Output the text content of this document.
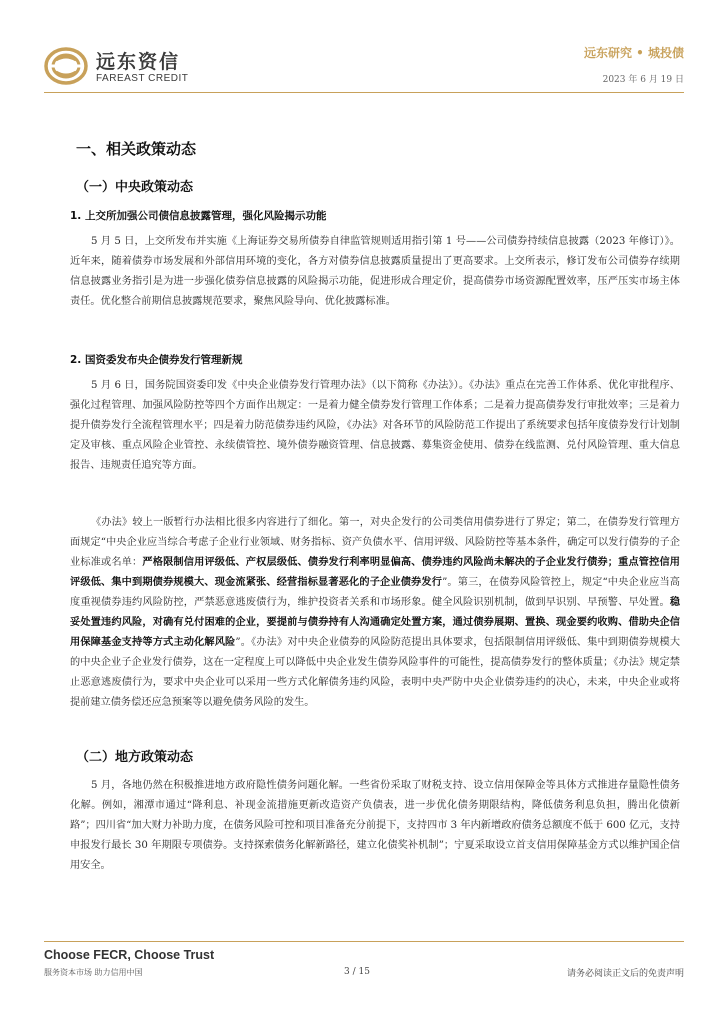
远东资信
FAREAST CREDIT
远东研究 • 城投债
2023 年 6 月 19 日
一、相关政策动态
（一）中央政策动态
1. 上交所加强公司债信息披露管理，强化风险揭示功能
5 月 5 日，上交所发布并实施《上海证券交易所债券自律监管规则适用指引第 1 号——公司债券持续信息披露（2023 年修订）》。近年来，随着债券市场发展和外部信用环境的变化，各方对债券信息披露质量提出了更高要求。上交所表示，修订发布公司债券存续期信息披露业务指引是为进一步强化债券信息披露的风险揭示功能，促进形成合理定价，提高债券市场资源配置效率，压严压实市场主体责任。优化整合前期信息披露规范要求，聚焦风险导向、优化披露标准。
2. 国资委发布央企债券发行管理新规
5 月 6 日，国务院国资委印发《中央企业债券发行管理办法》（以下简称《办法》）。《办法》重点在完善工作体系、优化审批程序、强化过程管理、加强风险防控等四个方面作出规定：一是着力健全债券发行管理工作体系；二是着力提高债券发行审批效率；三是着力提升债券发行全流程管理水平；四是着力防范债券违约风险，《办法》对各环节的风险防范工作提出了系统要求包括年度债券发行计划制定及审核、重点风险企业管控、永续债管控、境外债券融资管理、信息披露、募集资金使用、债券在线监测、兑付风险管理、重大信息报告、违规责任追究等方面。
《办法》较上一版暂行办法相比很多内容进行了细化。第一，对央企发行的公司类信用债券进行了界定；第二，在债券发行管理方面规定“中央企业应当综合考虑子企业行业领域、财务指标、资产负债水平、信用评级、风险防控等基本条件，确定可以发行债券的子企业标准或名单：严格限制信用评级低、产权层级低、债券发行利率明显偏高、债券违约风险尚未解决的子企业发行债券；重点管控信用评级低、集中到期债券规模大、现金流紧张、经营指标显著恶化的子企业债券发行”。第三，在债券风险管控上，规定“中央企业应当高度重视债券违约风险防控，严禁恶意逃废债行为，维护投资者关系和市场形象。健全风险识别机制，做到早识别、早预警、早处置。稳妥处置违约风险，对确有兑付困难的企业，要提前与债券持有人沟通确定处置方案，通过债券展期、置换、现金要约收购、借助央企信用保障基金支持等方式主动化解风险”。《办法》对中央企业债券的风险防范提出具体要求，包括限制信用评级低、集中到期债券规模大的中央企业子企业发行债券，这在一定程度上可以降低中央企业发生债券风险事件的可能性，提高债券发行的整体质量；《办法》规定禁止恶意逃废债行为，要求中央企业可以采用一些方式化解债务违约风险，表明中央严防中央企业债券违约的决心，未来，中央企业或将提前建立债务偿还应急预案等以避免债务风险的发生。
（二）地方政策动态
5 月，各地仍然在积极推进地方政府隐性债务问题化解。一些省份采取了财税支持、设立信用保障金等具体方式推进存量隐性债务化解。例如，湘潭市通过“降利息、补现金流措施更新改造资产负债表，进一步优化债务期限结构，降低债务利息负担，腾出化债新路”；四川省“加大财力补助力度，在债务风险可控和项目准备充分前提下，支持四市 3 年内新增政府债务总额度不低于 600 亿元，支持申报发行最长 30 年期限专项债券。支持探索债务化解新路径，建立化债奖补机制”；宁夏采取设立首支信用保障基金方式以维护国企信用安全。
Choose FECR, Choose Trust
服务资本市场 助力信用中国	3 / 15	请务必阅读正文后的免责声明
